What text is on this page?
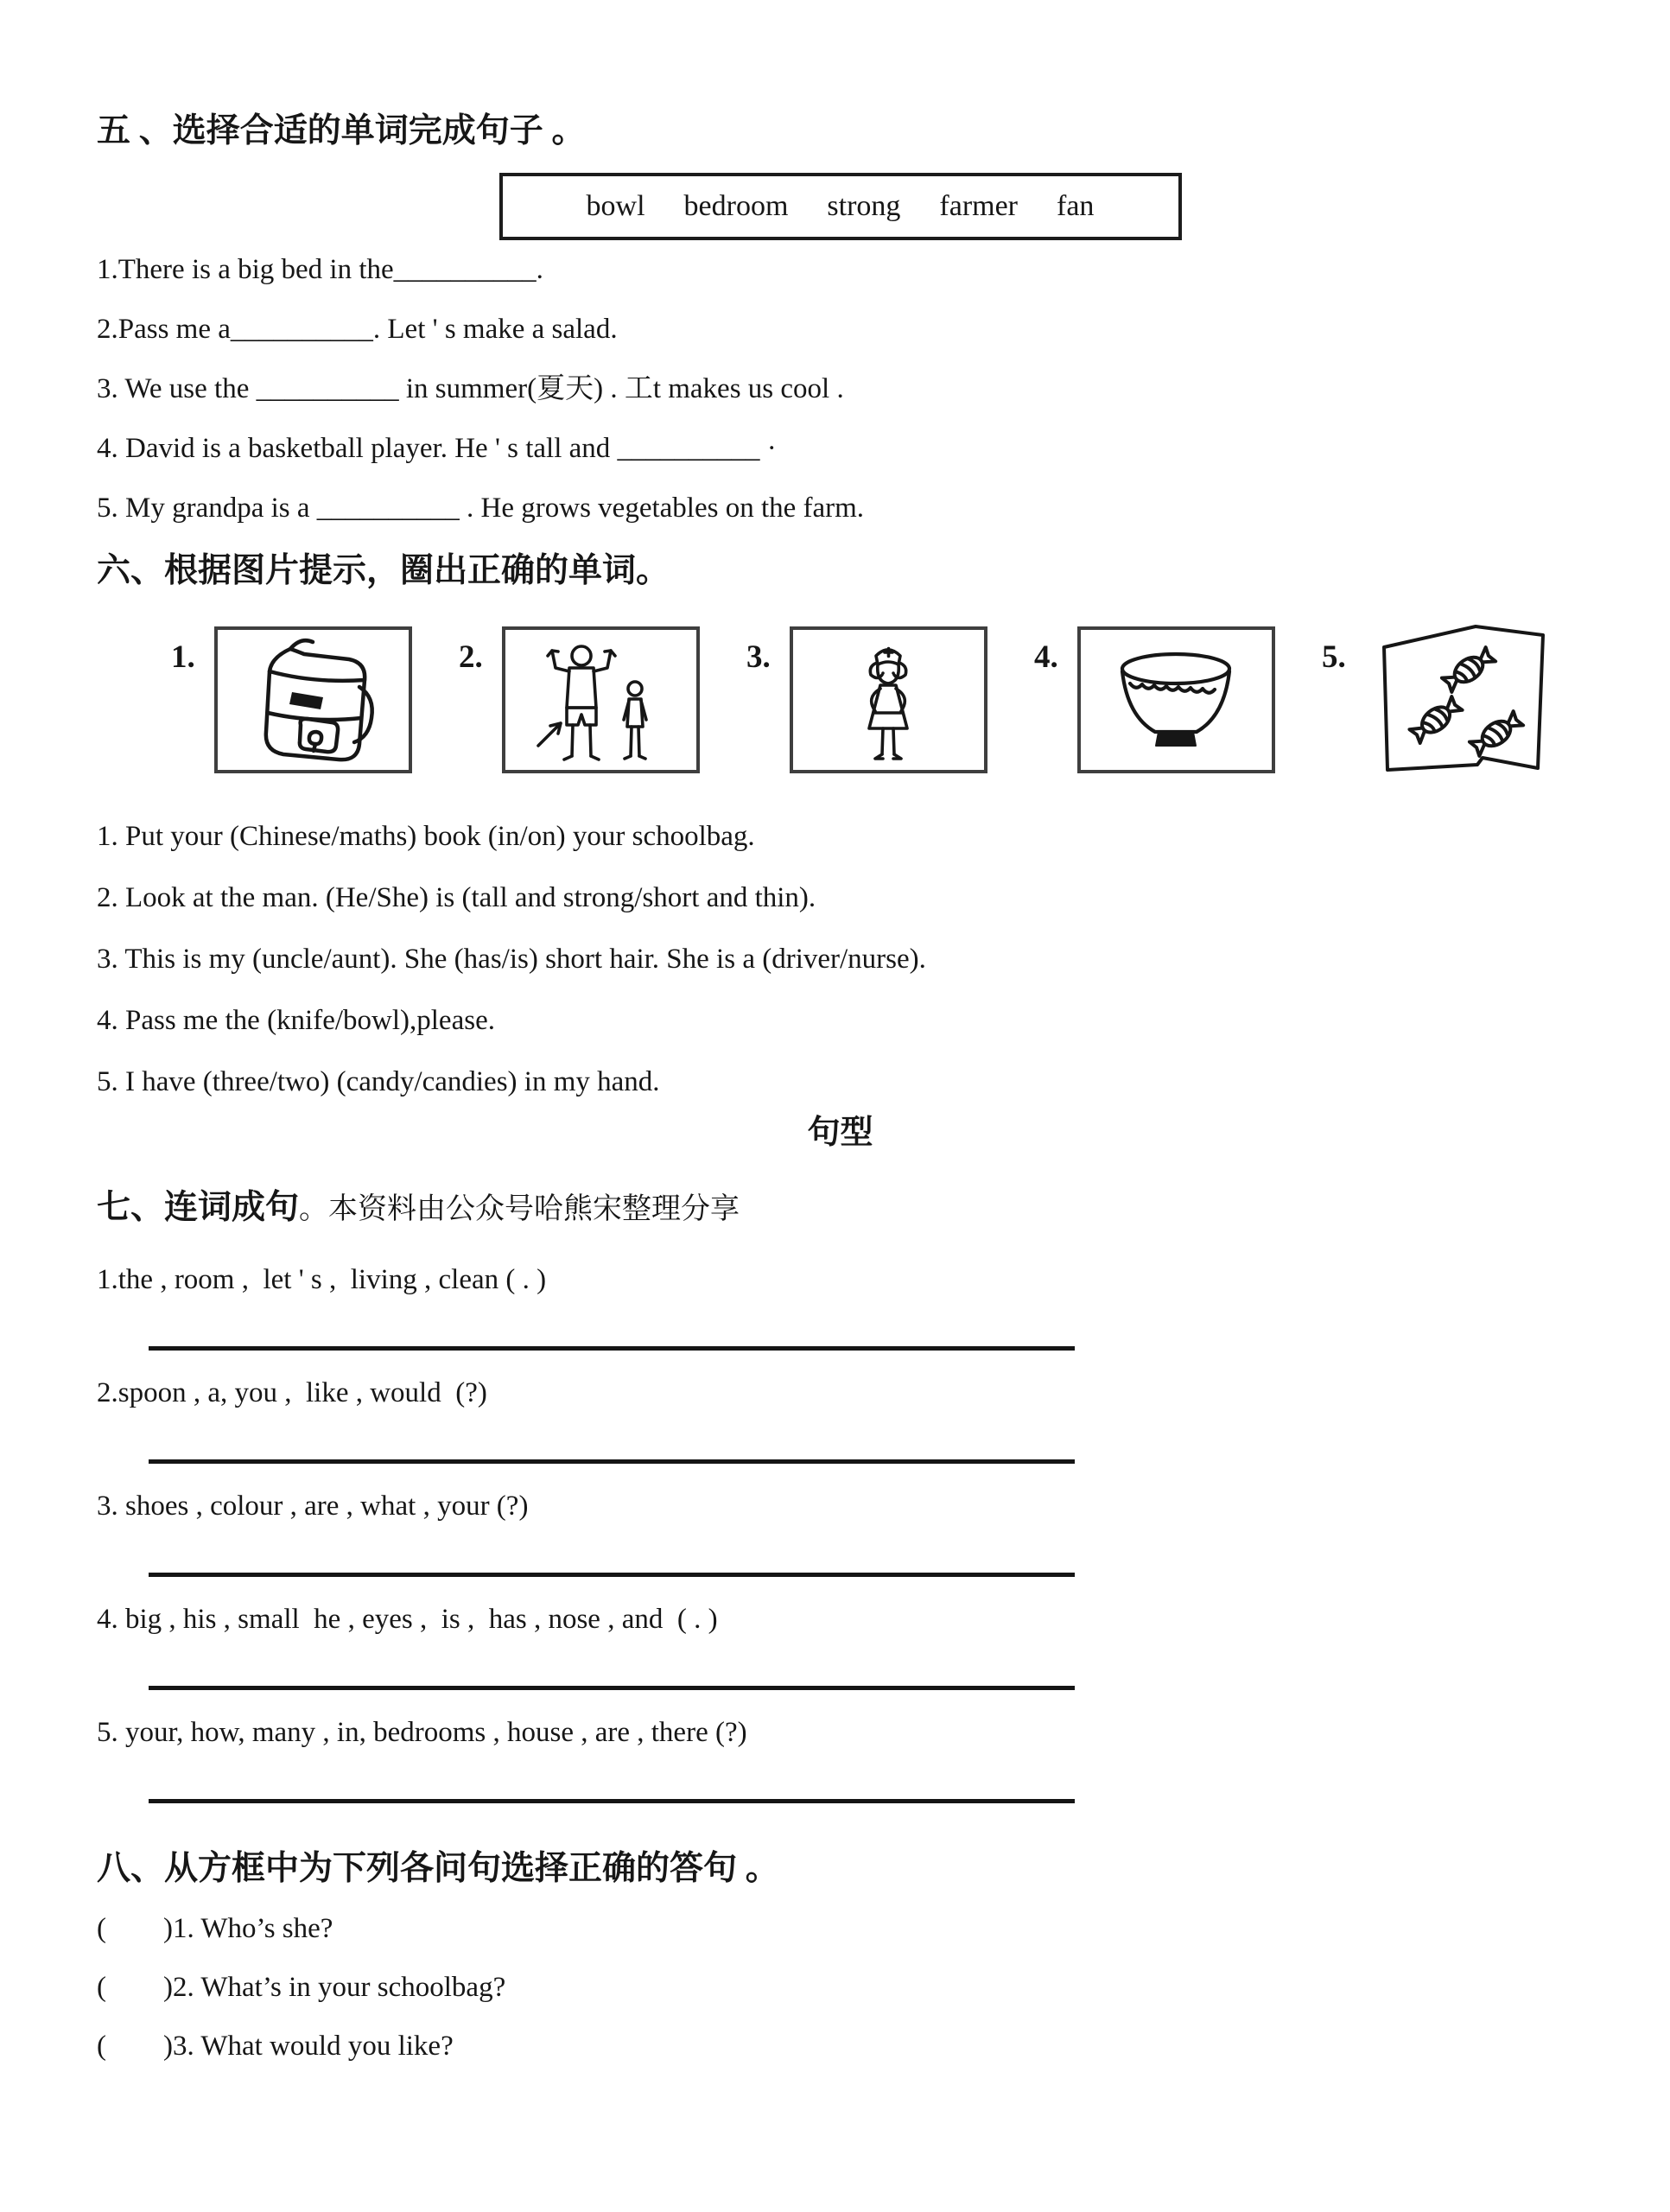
五 、选择合适的单词完成句子 。
bowl bedroom strong farmer fan

1.There is a big bed in the__________.

2.Pass me a__________. Let ' s make a salad.

3. We use the __________ in summer(夏天) . 工t makes us cool .

4. David is a basketball player. He ' s tall and __________ ·

5. My grandpa is a __________ . He grows vegetables on the farm.

六、根据图片提示，圈出正确的单词。
1.	2.	3.	4.	5.

1. Put your (Chinese/maths) book (in/on) your schoolbag.

2. Look at the man. (He/She) is (tall and strong/short and thin).

3. This is my (uncle/aunt). She (has/is) short hair. She is a (driver/nurse).

4. Pass me the (knife/bowl),please.

5. I have (three/two) (candy/candies) in my hand.

句型
七、连词成句。本资料由公众号哈熊宋整理分享

1.the , room ,  let ' s ,  living , clean ( . )

2.spoon , a, you ,  like , would  (?)

3. shoes , colour , are , what , your (?)

4. big , his , small  he , eyes ,  is ,  has , nose , and  ( . )

5. your, how, many , in, bedrooms , house , are , there (?)

八、从方框中为下列各问句选择正确的答句 。

(        )1. Who’s she?

(        )2. What’s in your schoolbag?

(        )3. What would you like?
